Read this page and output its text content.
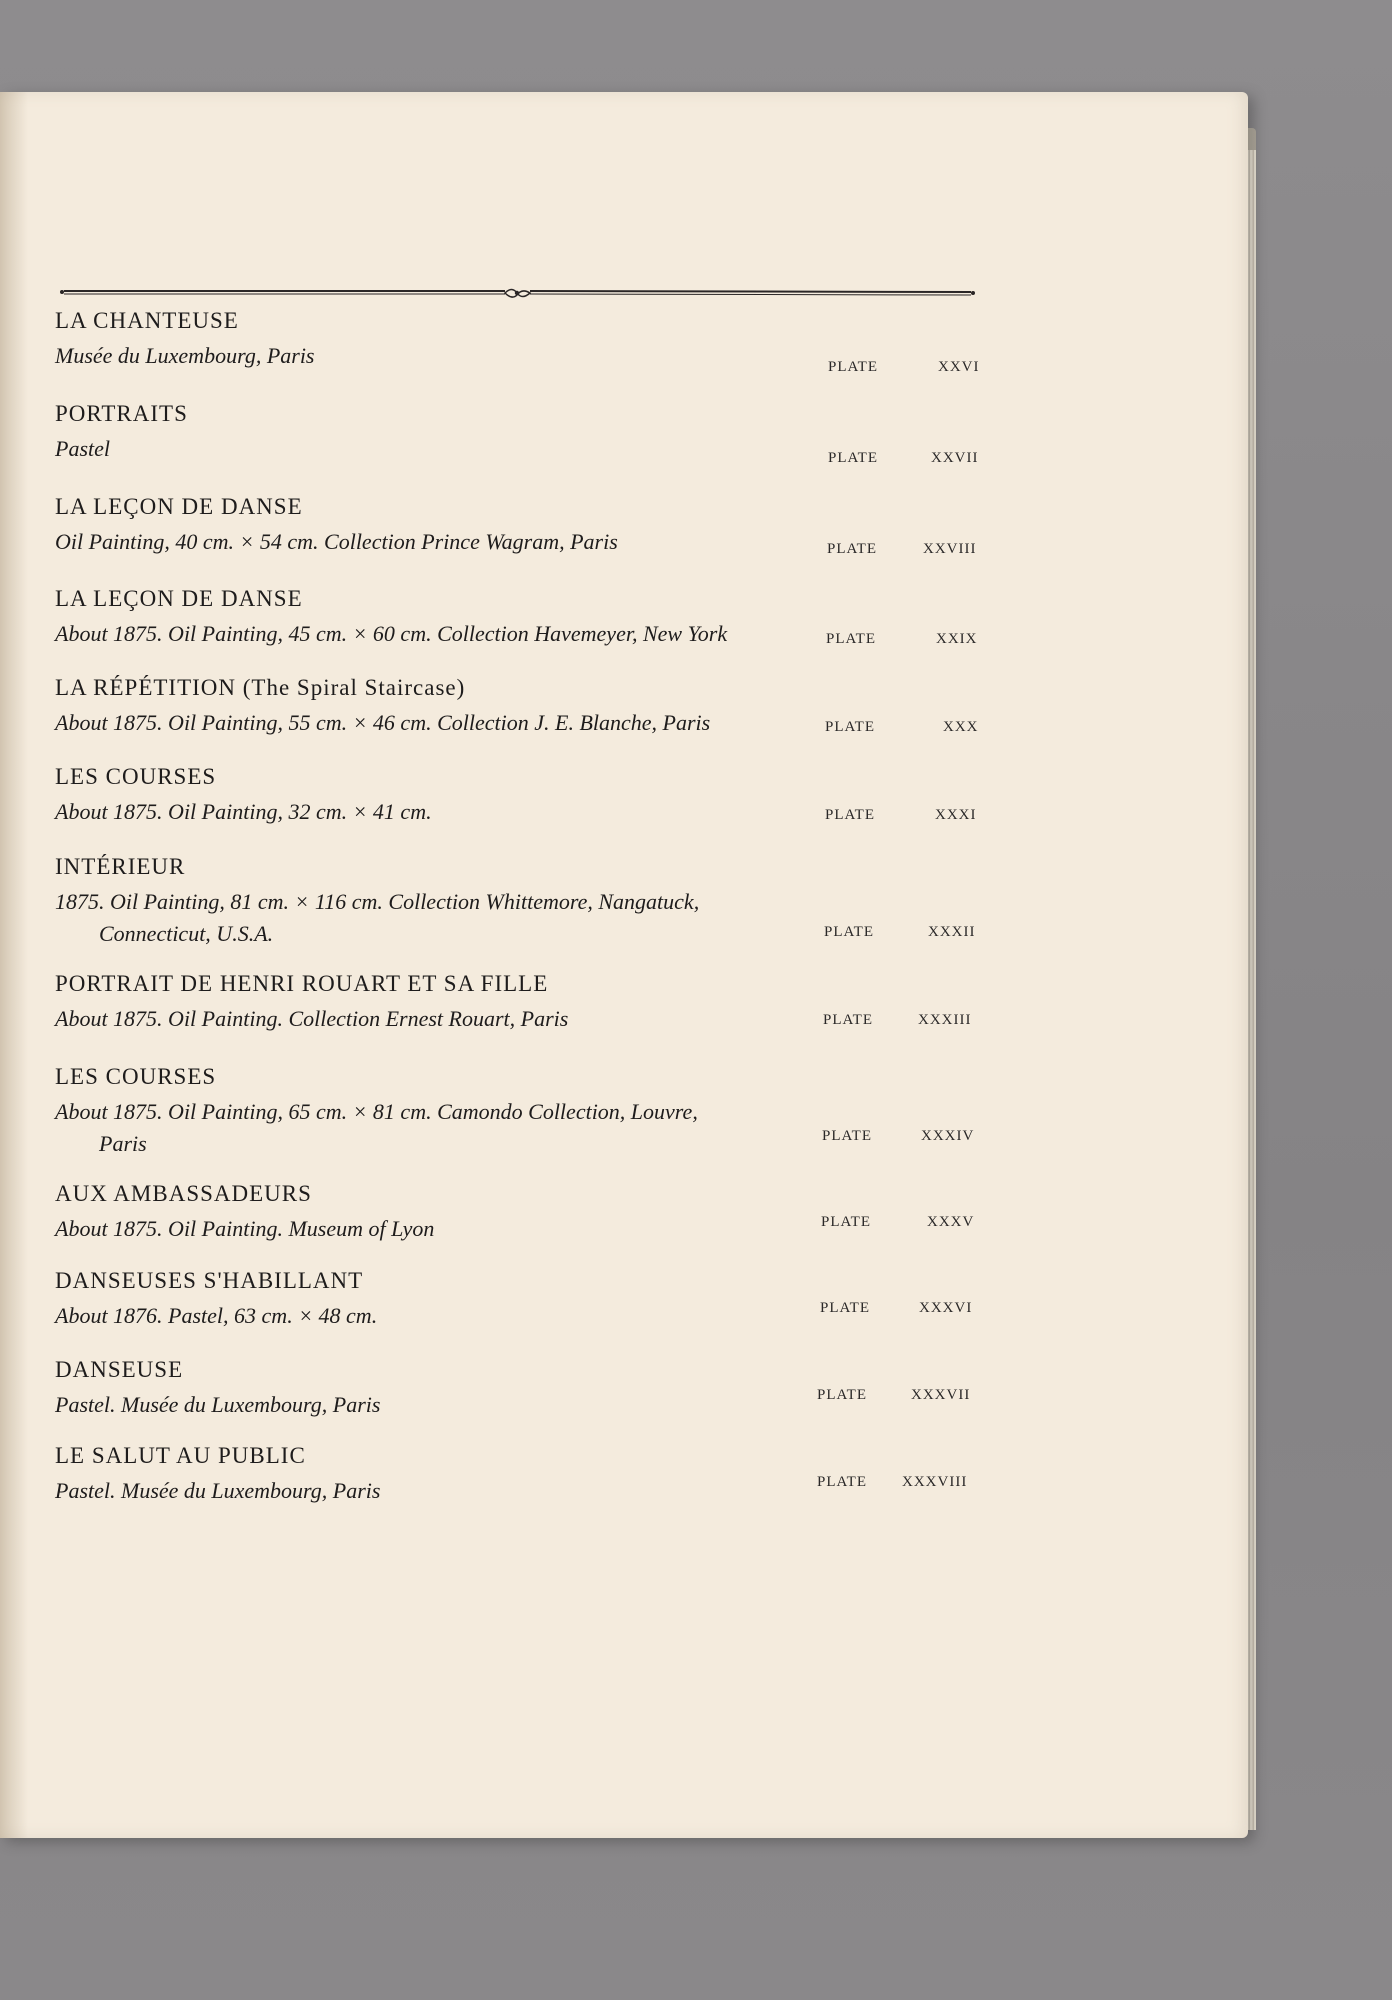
LA CHANTEUSE
Musée du Luxembourg, Paris	PLATE	XXVI
PORTRAITS
Pastel	PLATE	XXVII
LA LEÇON DE DANSE
Oil Painting, 40 cm. × 54 cm. Collection Prince Wagram, Paris	PLATE	XXVIII
LA LEÇON DE DANSE
About 1875. Oil Painting, 45 cm. × 60 cm. Collection Havemeyer, New York	PLATE	XXIX
LA RÉPÉTITION (The Spiral Staircase)
About 1875. Oil Painting, 55 cm. × 46 cm. Collection J. E. Blanche, Paris	PLATE	XXX
LES COURSES
About 1875. Oil Painting, 32 cm. × 41 cm.	PLATE	XXXI
INTÉRIEUR
1875. Oil Painting, 81 cm. × 116 cm. Collection Whittemore, Nangatuck,
Connecticut, U.S.A.	PLATE	XXXII
PORTRAIT DE HENRI ROUART ET SA FILLE
About 1875. Oil Painting. Collection Ernest Rouart, Paris	PLATE	XXXIII
LES COURSES
About 1875. Oil Painting, 65 cm. × 81 cm. Camondo Collection, Louvre,
Paris	PLATE	XXXIV
AUX AMBASSADEURS
About 1875. Oil Painting. Museum of Lyon	PLATE	XXXV
DANSEUSES S'HABILLANT
About 1876. Pastel, 63 cm. × 48 cm.	PLATE	XXXVI
DANSEUSE
Pastel. Musée du Luxembourg, Paris	PLATE	XXXVII
LE SALUT AU PUBLIC
Pastel. Musée du Luxembourg, Paris	PLATE XXXVIII
